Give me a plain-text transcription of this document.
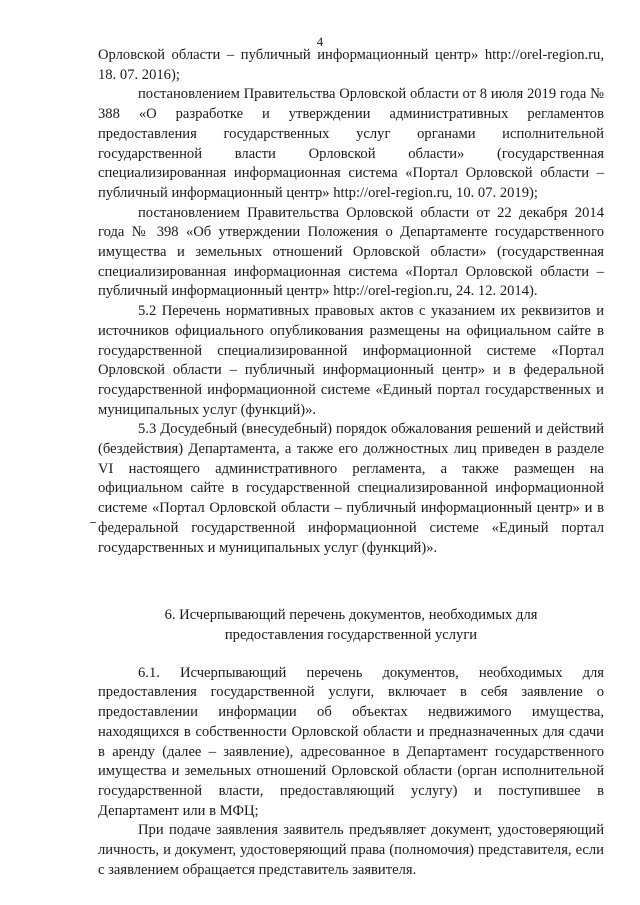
4

Орловской области – публичный информационный центр» http://orel-region.ru, 18. 07. 2016);

постановлением Правительства Орловской области от 8 июля 2019 года № 388 «О разработке и утверждении административных регламентов предоставления государственных услуг органами исполнительной государственной власти Орловской области» (государственная специализированная информационная система «Портал Орловской области – публичный информационный центр» http://orel-region.ru, 10. 07. 2019);

постановлением Правительства Орловской области от 22 декабря 2014 года № 398 «Об утверждении Положения о Департаменте государственного имущества и земельных отношений Орловской области» (государственная специализированная информационная система «Портал Орловской области – публичный информационный центр» http://orel-region.ru, 24. 12. 2014).

5.2 Перечень нормативных правовых актов с указанием их реквизитов и источников официального опубликования размещены на официальном сайте в государственной специализированной информационной системе «Портал Орловской области – публичный информационный центр» и в федеральной государственной информационной системе «Единый портал государственных и муниципальных услуг (функций)».

5.3 Досудебный (внесудебный) порядок обжалования решений и действий (бездействия) Департамента, а также его должностных лиц приведен в разделе VI настоящего административного регламента, а также размещен на официальном сайте в государственной специализированной информационной системе «Портал Орловской области – публичный информационный центр» и в федеральной государственной информационной системе «Единый портал государственных и муниципальных услуг (функций)».

6. Исчерпывающий перечень документов, необходимых для
предоставления государственной услуги

6.1. Исчерпывающий перечень документов, необходимых для предоставления государственной услуги, включает в себя заявление о предоставлении информации об объектах недвижимого имущества, находящихся в собственности Орловской области и предназначенных для сдачи в аренду (далее – заявление), адресованное в Департамент государственного имущества и земельных отношений Орловской области (орган исполнительной государственной власти, предоставляющий услугу) и поступившее в Департамент или в МФЦ;

При подаче заявления заявитель предъявляет документ, удостоверяющий личность, и документ, удостоверяющий права (полномочия) представителя, если с заявлением обращается представитель заявителя.
